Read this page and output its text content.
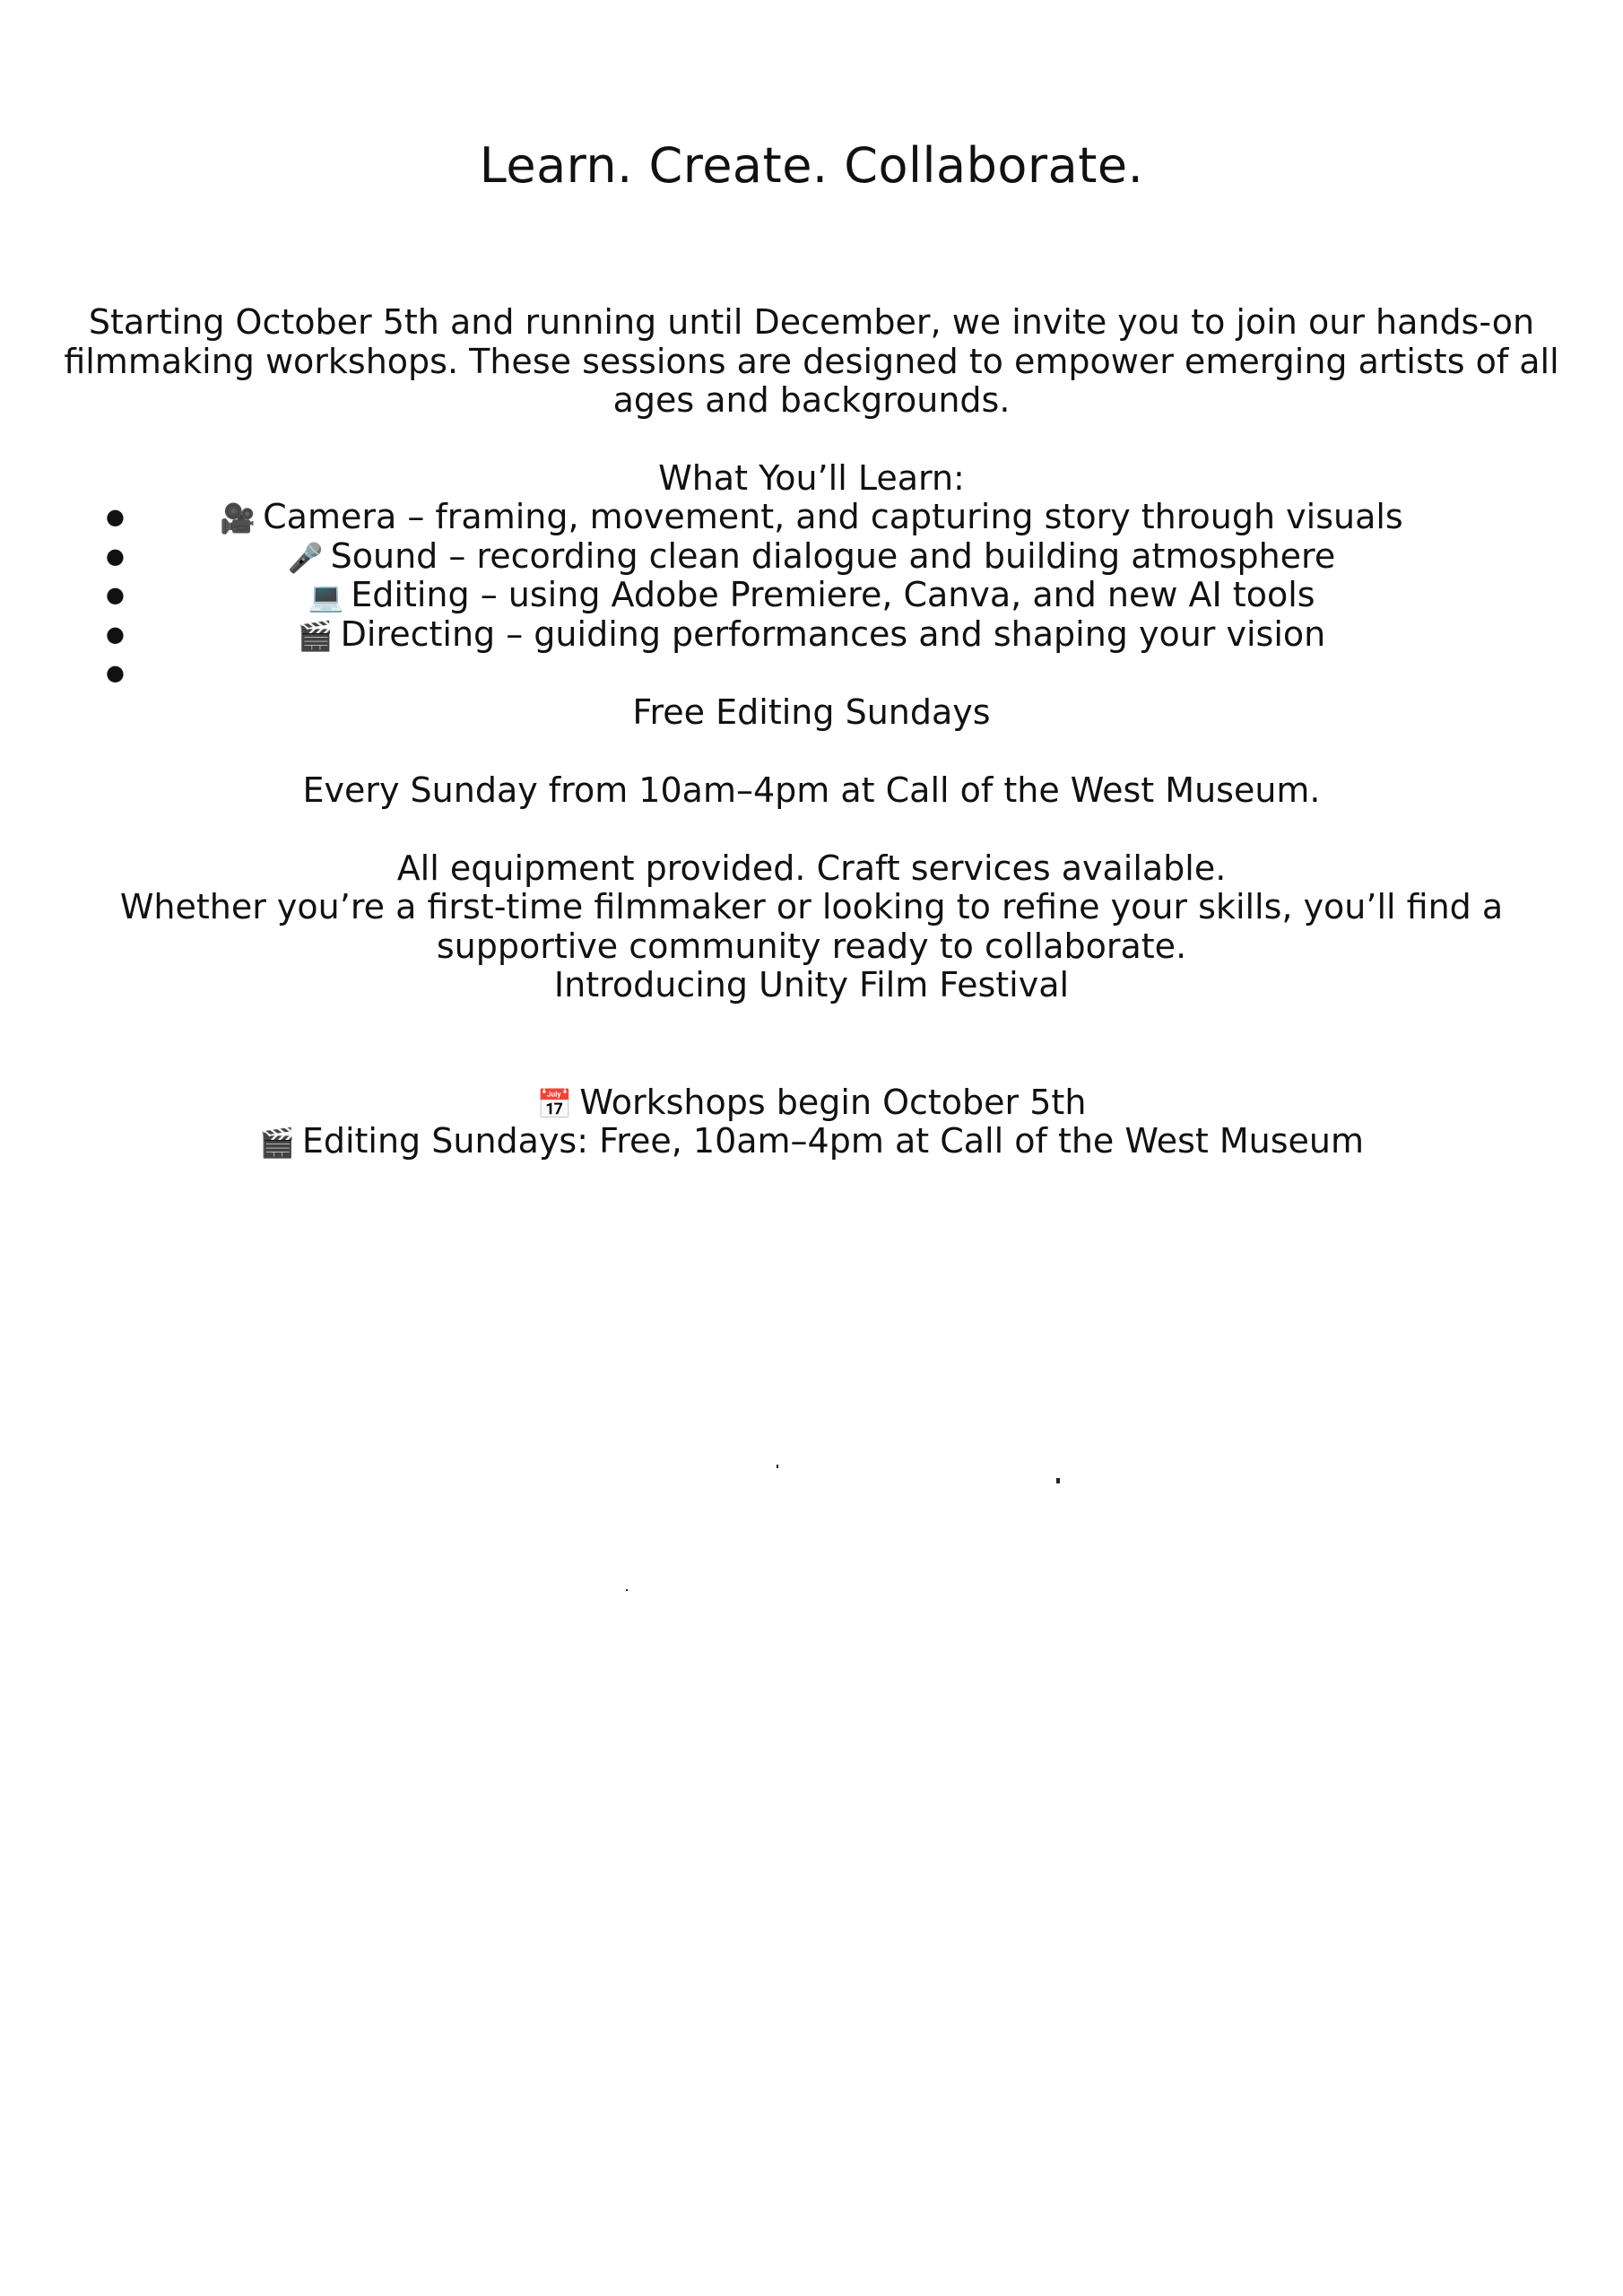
Learn. Create. Collaborate.

Starting October 5th and running until December, we invite you to join our hands-on filmmaking workshops. These sessions are designed to empower emerging artists of all ages and backgrounds.

What You’ll Learn:

●	🎥 Camera – framing, movement, and capturing story through visuals
●	🎤 Sound – recording clean dialogue and building atmosphere
●	💻 Editing – using Adobe Premiere, Canva, and new AI tools
●	🎬 Directing – guiding performances and shaping your vision
●

Free Editing Sundays

Every Sunday from 10am–4pm at Call of the West Museum.

All equipment provided. Craft services available.

Whether you’re a first-time filmmaker or looking to refine your skills, you’ll find a supportive community ready to collaborate.

Introducing Unity Film Festival

📅 Workshops begin October 5th

🎬 Editing Sundays: Free, 10am–4pm at Call of the West Museum
